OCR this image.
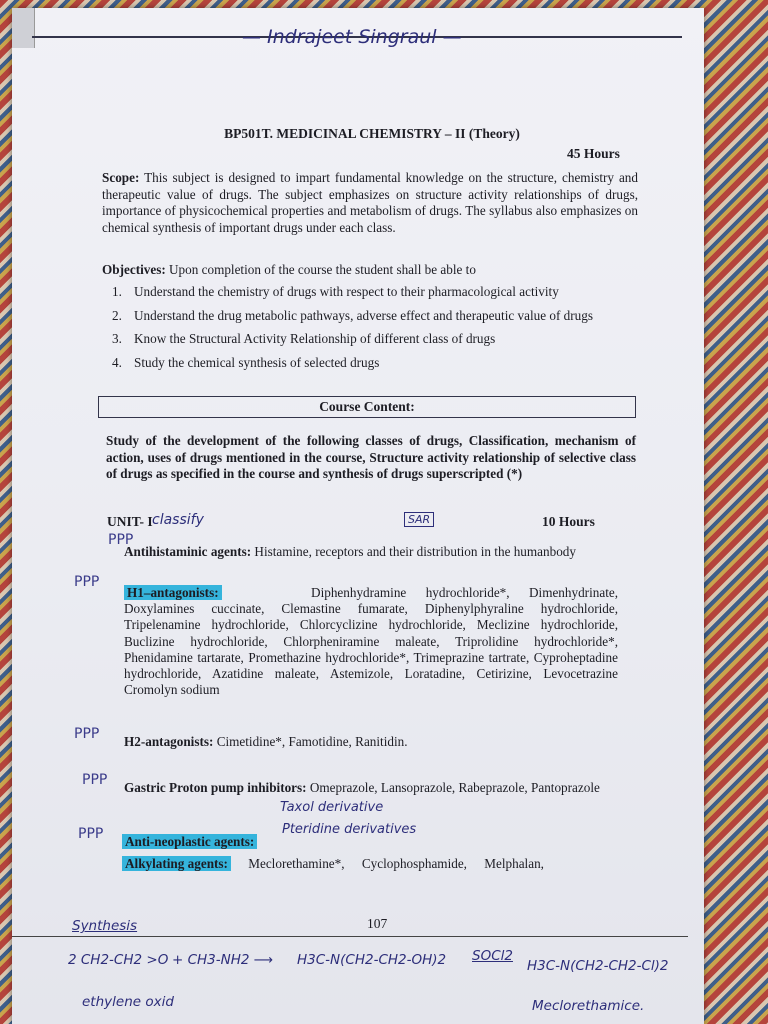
— Indrajeet Singraul —
BP501T. MEDICINAL CHEMISTRY – II (Theory)
45 Hours
Scope: This subject is designed to impart fundamental knowledge on the structure, chemistry and therapeutic value of drugs. The subject emphasizes on structure activity relationships of drugs, importance of physicochemical properties and metabolism of drugs. The syllabus also emphasizes on chemical synthesis of important drugs under each class.
Objectives: Upon completion of the course the student shall be able to
1. Understand the chemistry of drugs with respect to their pharmacological activity
2. Understand the drug metabolic pathways, adverse effect and therapeutic value of drugs
3. Know the Structural Activity Relationship of different class of drugs
4. Study the chemical synthesis of selected drugs
Course Content:
Study of the development of the following classes of drugs, Classification, mechanism of action, uses of drugs mentioned in the course, Structure activity relationship of selective class of drugs as specified in the course and synthesis of drugs superscripted (*)
UNIT- I	10 Hours
classify	SAR
PPP
Antihistaminic agents: Histamine, receptors and their distribution in the humanbody
PPP
H1–antagonists:	Diphenhydramine hydrochloride*, Dimenhydrinate, Doxylamines cuccinate, Clemastine fumarate, Diphenylphyraline hydrochloride, Tripelenamine hydrochloride, Chlorcyclizine hydrochloride, Meclizine hydrochloride, Buclizine hydrochloride, Chlorpheniramine maleate, Triprolidine hydrochloride*, Phenidamine tartarate, Promethazine hydrochloride*, Trimeprazine tartrate, Cyproheptadine hydrochloride, Azatidine maleate, Astemizole, Loratadine, Cetirizine, Levocetrazine Cromolyn sodium
PPP H2-antagonists: Cimetidine*, Famotidine, Ranitidin.
PPP Gastric Proton pump inhibitors: Omeprazole, Lansoprazole, Rabeprazole, Pantoprazole
Taxol derivative
PPP Anti-neoplastic agents:
Pteridine derivatives
Alkylating agents: Meclorethamine*, Cyclophosphamide, Melphalan,
107
Synthesis
2 CH2-CH2 >O + CH3-NH2 ⟶ H3C-N(CH2-CH2-OH)2 SOCl2
H3C-N(CH2-CH2-Cl)2
ethylene oxid	Meclorethamice.
